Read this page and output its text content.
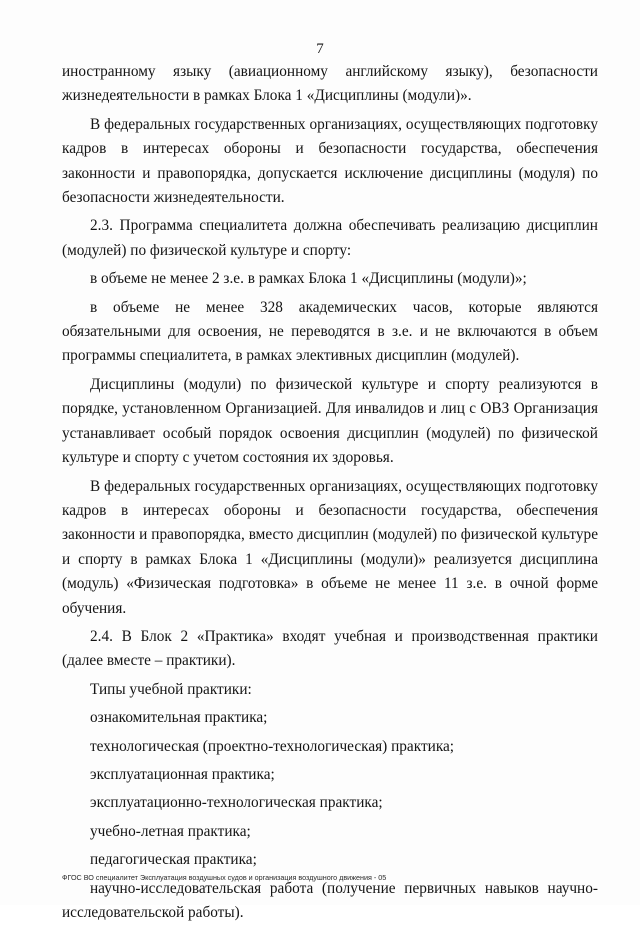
7

иностранному языку (авиационному английскому языку), безопасности жизнедеятельности в рамках Блока 1 «Дисциплины (модули)».

В федеральных государственных организациях, осуществляющих подготовку кадров в интересах обороны и безопасности государства, обеспечения законности и правопорядка, допускается исключение дисциплины (модуля) по безопасности жизнедеятельности.

2.3. Программа специалитета должна обеспечивать реализацию дисциплин (модулей) по физической культуре и спорту:

в объеме не менее 2 з.е. в рамках Блока 1 «Дисциплины (модули)»;

в объеме не менее 328 академических часов, которые являются обязательными для освоения, не переводятся в з.е. и не включаются в объем программы специалитета, в рамках элективных дисциплин (модулей).

Дисциплины (модули) по физической культуре и спорту реализуются в порядке, установленном Организацией. Для инвалидов и лиц с ОВЗ Организация устанавливает особый порядок освоения дисциплин (модулей) по физической культуре и спорту с учетом состояния их здоровья.

В федеральных государственных организациях, осуществляющих подготовку кадров в интересах обороны и безопасности государства, обеспечения законности и правопорядка, вместо дисциплин (модулей) по физической культуре и спорту в рамках Блока 1 «Дисциплины (модули)» реализуется дисциплина (модуль) «Физическая подготовка» в объеме не менее 11 з.е. в очной форме обучения.

2.4. В Блок 2 «Практика» входят учебная и производственная практики (далее вместе – практики).

Типы учебной практики:

ознакомительная практика;

технологическая (проектно-технологическая) практика;

эксплуатационная практика;

эксплуатационно-технологическая практика;

учебно-летная практика;

педагогическая практика;

научно-исследовательская работа (получение первичных навыков научно-исследовательской работы).

ФГОС ВО специалитет Эксплуатация воздушных судов и организация воздушного движения - 05
